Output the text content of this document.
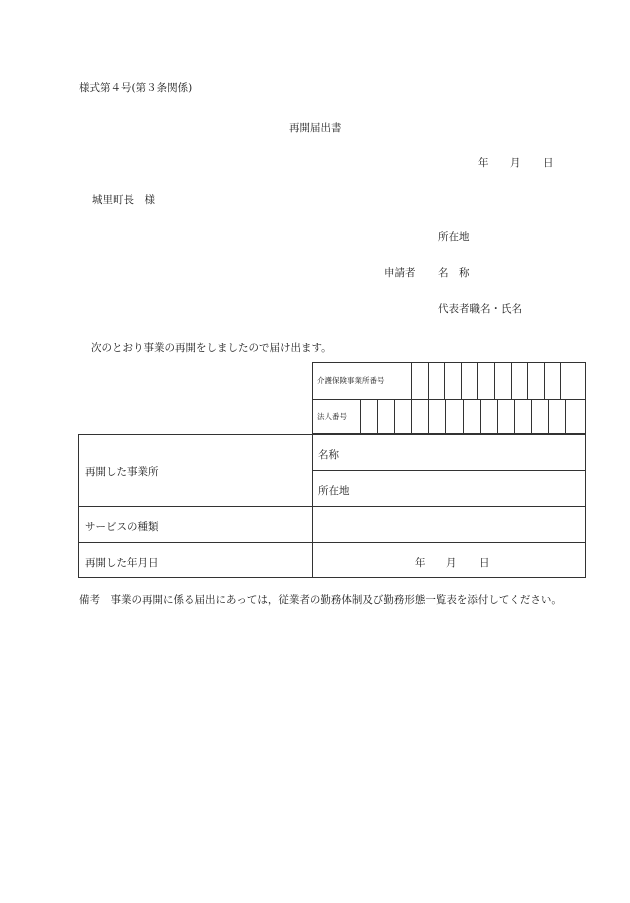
様式第４号(第３条関係)
再開届出書
年 月 日
城里町長　様
所在地
申請者 名　称
代表者職名・氏名
次のとおり事業の再開をしましたので届け出ます。
介護保険事業所番号
法人番号
再開した事業所
名称
所在地
サービスの種類
再開した年月日	年 月 日
備考　事業の再開に係る届出にあっては，従業者の勤務体制及び勤務形態一覧表を添付してください。
